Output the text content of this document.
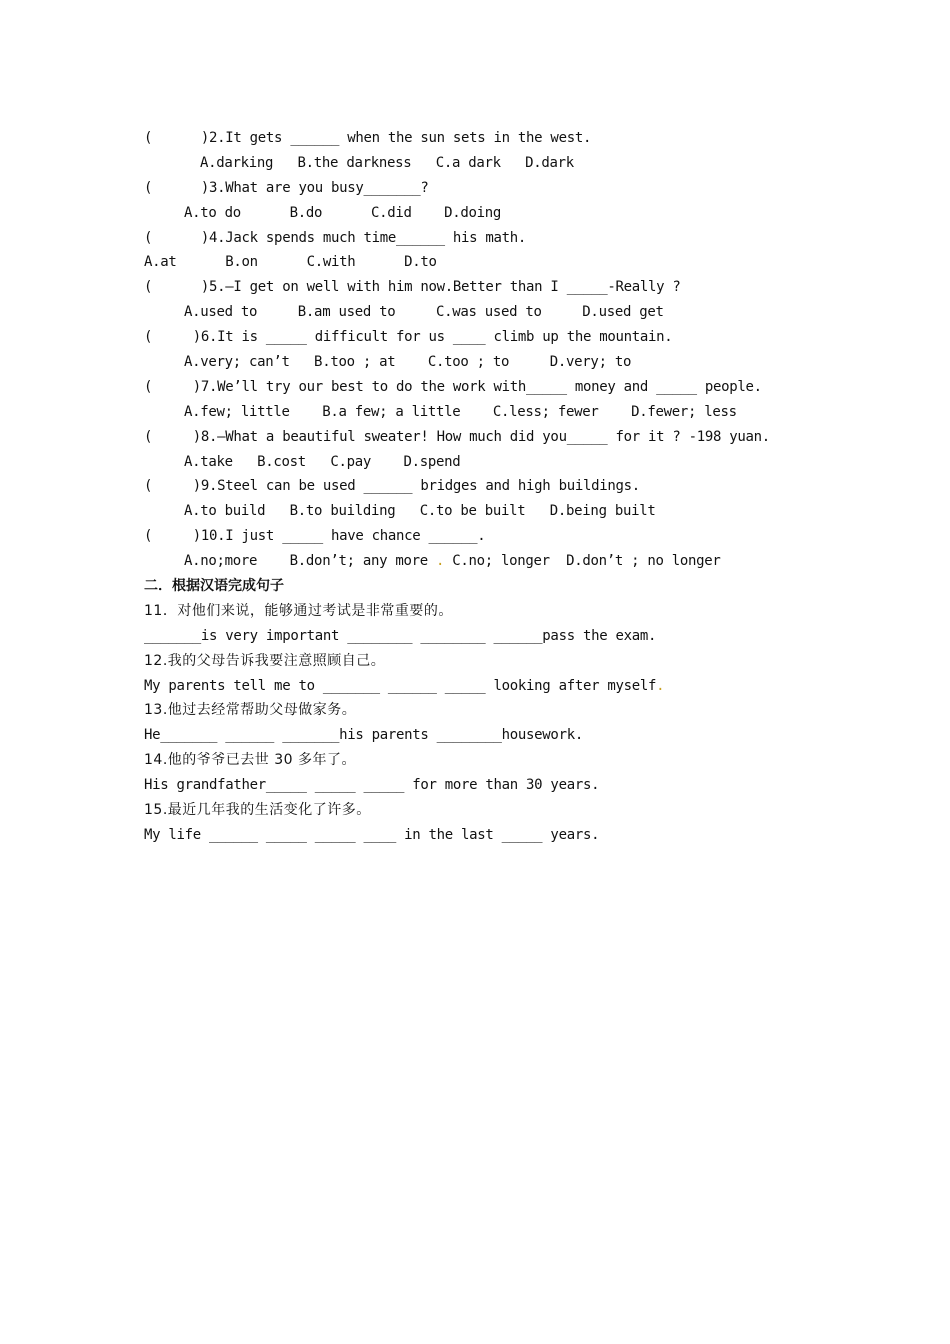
(      )2.It gets ______ when the sun sets in the west.
A.darking   B.the darkness   C.a dark   D.dark
(      )3.What are you busy_______?
A.to do      B.do      C.did    D.doing
(      )4.Jack spends much time______ his math.
A.at      B.on      C.with      D.to
(      )5.—I get on well with him now.Better than I _____-Really ?
A.used to     B.am used to     C.was used to     D.used get
(     )6.It is _____ difficult for us ____ climb up the mountain.
A.very; can’t   B.too ; at    C.too ; to     D.very; to
(     )7.We’ll try our best to do the work with_____ money and _____ people.
A.few; little    B.a few; a little    C.less; fewer    D.fewer; less
(     )8.—What a beautiful sweater! How much did you_____ for it ? -198 yuan.
A.take   B.cost   C.pay    D.spend
(     )9.Steel can be used ______ bridges and high buildings.
A.to build   B.to building   C.to be built   D.being built
(     )10.I just _____ have chance ______.
A.no;more    B.don’t; any more . C.no; longer  D.don’t ; no longer
二．根据汉语完成句子
11．对他们来说，能够通过考试是非常重要的。
_______is very important ________ ________ ______pass the exam.
12.我的父母告诉我要注意照顾自己。
My parents tell me to _______ ______ _____ looking after myself.
13.他过去经常帮助父母做家务。
He_______ ______ _______his parents ________housework.
14.他的爷爷已去世 30 多年了。
His grandfather_____ _____ _____ for more than 30 years.
15.最近几年我的生活变化了许多。
My life ______ _____ _____ ____ in the last _____ years.
